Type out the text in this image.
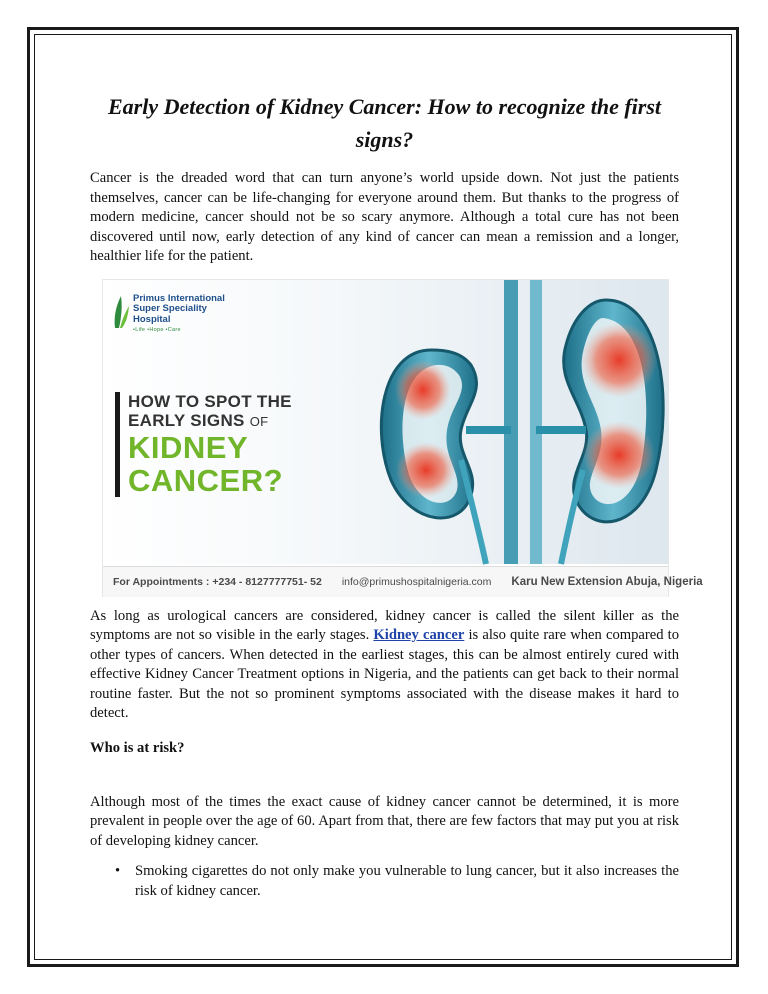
Early Detection of Kidney Cancer: How to recognize the first signs?

Cancer is the dreaded word that can turn anyone’s world upside down. Not just the patients themselves, cancer can be life-changing for everyone around them. But thanks to the progress of modern medicine, cancer should not be so scary anymore. Although a total cure has not been discovered until now, early detection of any kind of cancer can mean a remission and a longer, healthier life for the patient.

Primus International
Super Speciality
Hospital
•Life •Hope •Care
HOW TO SPOT THE
EARLY SIGNS OF
KIDNEY
CANCER?
For Appointments : +234 - 8127777751- 52	info@primushospitalnigeria.com	Karu New Extension Abuja, Nigeria

As long as urological cancers are considered, kidney cancer is called the silent killer as the symptoms are not so visible in the early stages. Kidney cancer is also quite rare when compared to other types of cancers. When detected in the earliest stages, this can be almost entirely cured with effective Kidney Cancer Treatment options in Nigeria, and the patients can get back to their normal routine faster. But the not so prominent symptoms associated with the disease makes it hard to detect.

Who is at risk?

Although most of the times the exact cause of kidney cancer cannot be determined, it is more prevalent in people over the age of 60. Apart from that, there are few factors that may put you at risk of developing kidney cancer.

• Smoking cigarettes do not only make you vulnerable to lung cancer, but it also increases the risk of kidney cancer.
